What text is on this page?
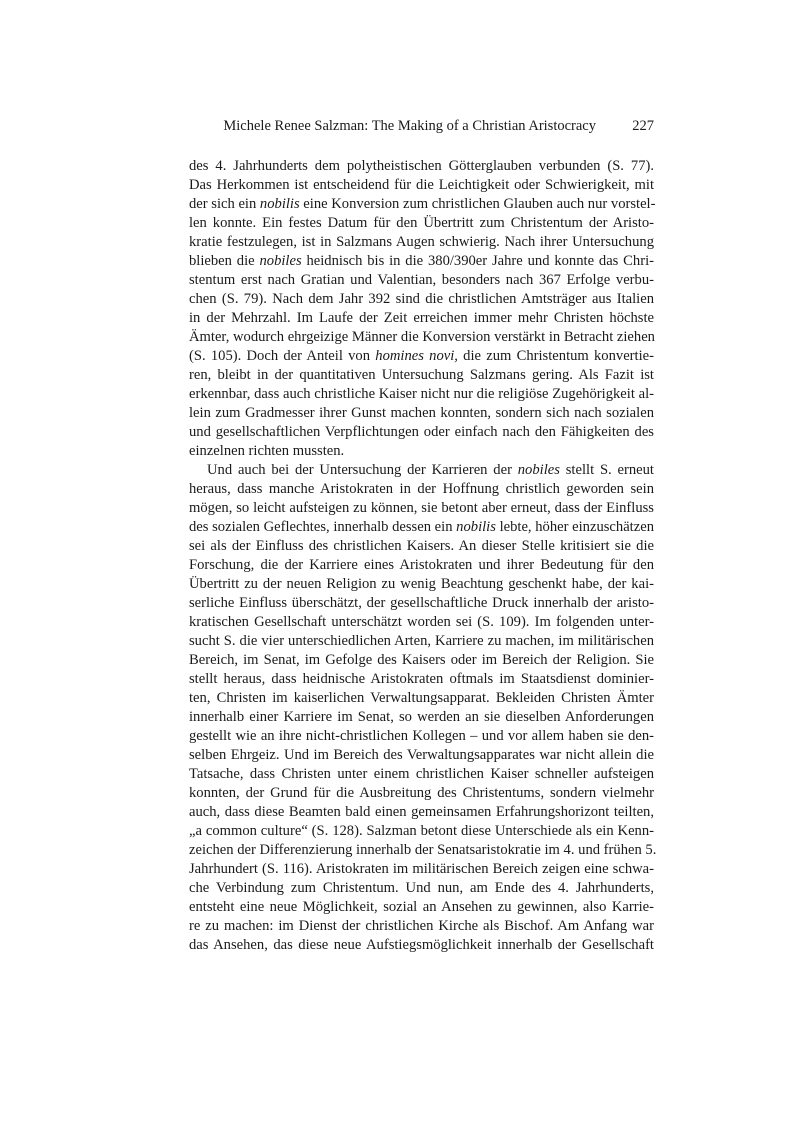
Michele Renee Salzman: The Making of a Christian Aristocracy	227
des 4. Jahrhunderts dem polytheistischen Götterglauben verbunden (S. 77).
Das Herkommen ist entscheidend für die Leichtigkeit oder Schwierigkeit, mit
der sich ein nobilis eine Konversion zum christlichen Glauben auch nur vorstel-
len konnte. Ein festes Datum für den Übertritt zum Christentum der Aristo-
kratie festzulegen, ist in Salzmans Augen schwierig. Nach ihrer Untersuchung
blieben die nobiles heidnisch bis in die 380/390er Jahre und konnte das Chri-
stentum erst nach Gratian und Valentian, besonders nach 367 Erfolge verbu-
chen (S. 79). Nach dem Jahr 392 sind die christlichen Amtsträger aus Italien
in der Mehrzahl. Im Laufe der Zeit erreichen immer mehr Christen höchste
Ämter, wodurch ehrgeizige Männer die Konversion verstärkt in Betracht ziehen
(S. 105). Doch der Anteil von homines novi, die zum Christentum konvertie-
ren, bleibt in der quantitativen Untersuchung Salzmans gering. Als Fazit ist
erkennbar, dass auch christliche Kaiser nicht nur die religiöse Zugehörigkeit al-
lein zum Gradmesser ihrer Gunst machen konnten, sondern sich nach sozialen
und gesellschaftlichen Verpflichtungen oder einfach nach den Fähigkeiten des
einzelnen richten mussten.
Und auch bei der Untersuchung der Karrieren der nobiles stellt S. erneut
heraus, dass manche Aristokraten in der Hoffnung christlich geworden sein
mögen, so leicht aufsteigen zu können, sie betont aber erneut, dass der Einfluss
des sozialen Geflechtes, innerhalb dessen ein nobilis lebte, höher einzuschätzen
sei als der Einfluss des christlichen Kaisers. An dieser Stelle kritisiert sie die
Forschung, die der Karriere eines Aristokraten und ihrer Bedeutung für den
Übertritt zu der neuen Religion zu wenig Beachtung geschenkt habe, der kai-
serliche Einfluss überschätzt, der gesellschaftliche Druck innerhalb der aristo-
kratischen Gesellschaft unterschätzt worden sei (S. 109). Im folgenden unter-
sucht S. die vier unterschiedlichen Arten, Karriere zu machen, im militärischen
Bereich, im Senat, im Gefolge des Kaisers oder im Bereich der Religion. Sie
stellt heraus, dass heidnische Aristokraten oftmals im Staatsdienst dominier-
ten, Christen im kaiserlichen Verwaltungsapparat. Bekleiden Christen Ämter
innerhalb einer Karriere im Senat, so werden an sie dieselben Anforderungen
gestellt wie an ihre nicht-christlichen Kollegen – und vor allem haben sie den-
selben Ehrgeiz. Und im Bereich des Verwaltungsapparates war nicht allein die
Tatsache, dass Christen unter einem christlichen Kaiser schneller aufsteigen
konnten, der Grund für die Ausbreitung des Christentums, sondern vielmehr
auch, dass diese Beamten bald einen gemeinsamen Erfahrungshorizont teilten,
„a common culture“ (S. 128). Salzman betont diese Unterschiede als ein Kenn-
zeichen der Differenzierung innerhalb der Senatsaristokratie im 4. und frühen 5.
Jahrhundert (S. 116). Aristokraten im militärischen Bereich zeigen eine schwa-
che Verbindung zum Christentum. Und nun, am Ende des 4. Jahrhunderts,
entsteht eine neue Möglichkeit, sozial an Ansehen zu gewinnen, also Karrie-
re zu machen: im Dienst der christlichen Kirche als Bischof. Am Anfang war
das Ansehen, das diese neue Aufstiegsmöglichkeit innerhalb der Gesellschaft
